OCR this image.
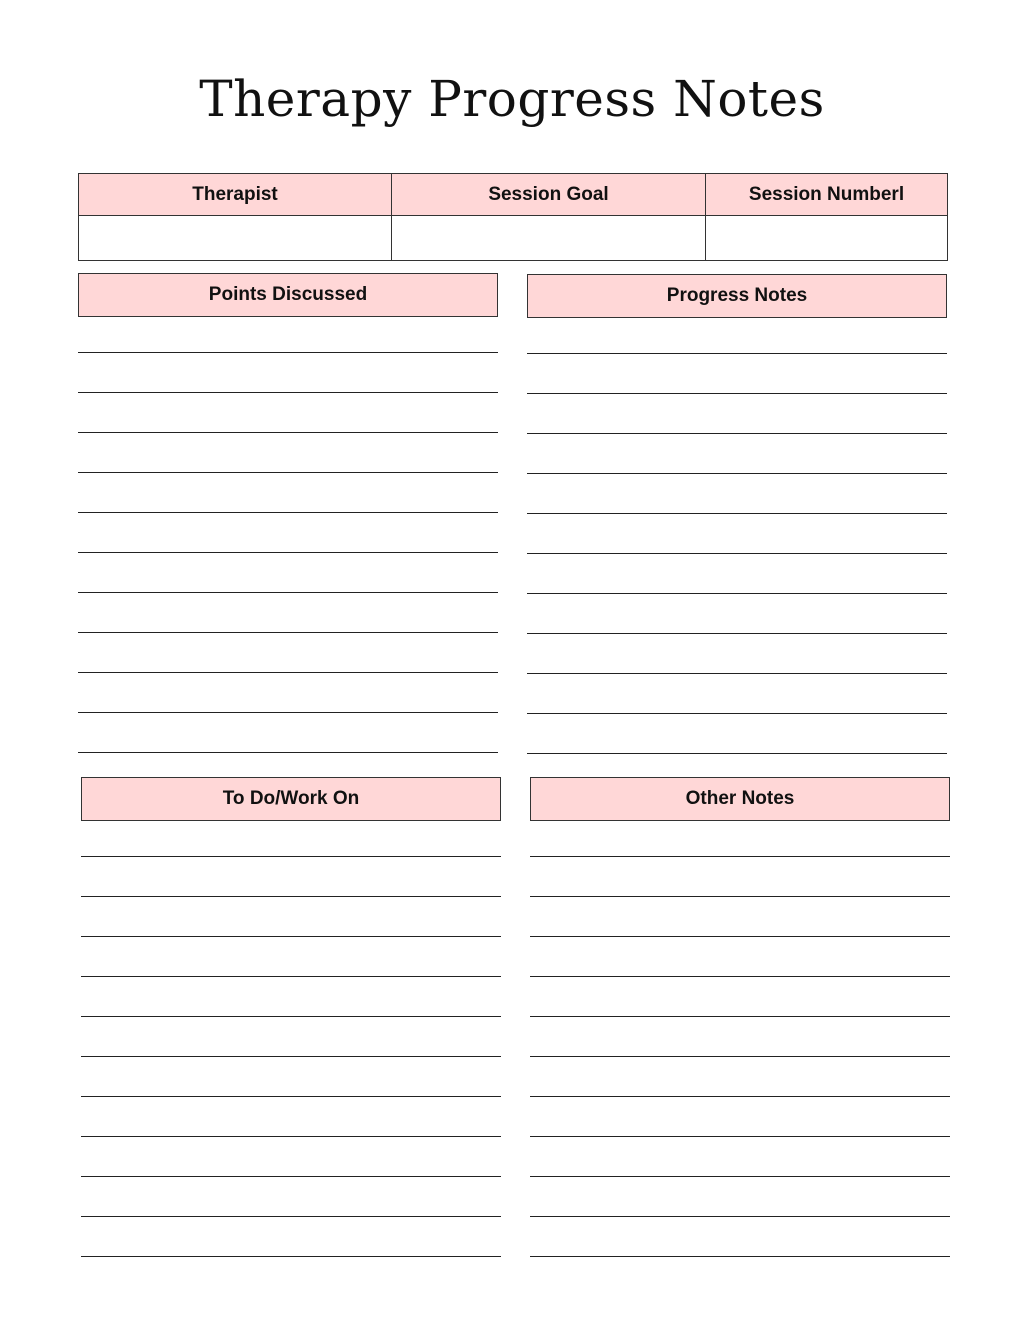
Therapy Progress Notes
Therapist	Session Goal	Session Numberl

Points Discussed	Progress Notes
To Do/Work On	Other Notes
